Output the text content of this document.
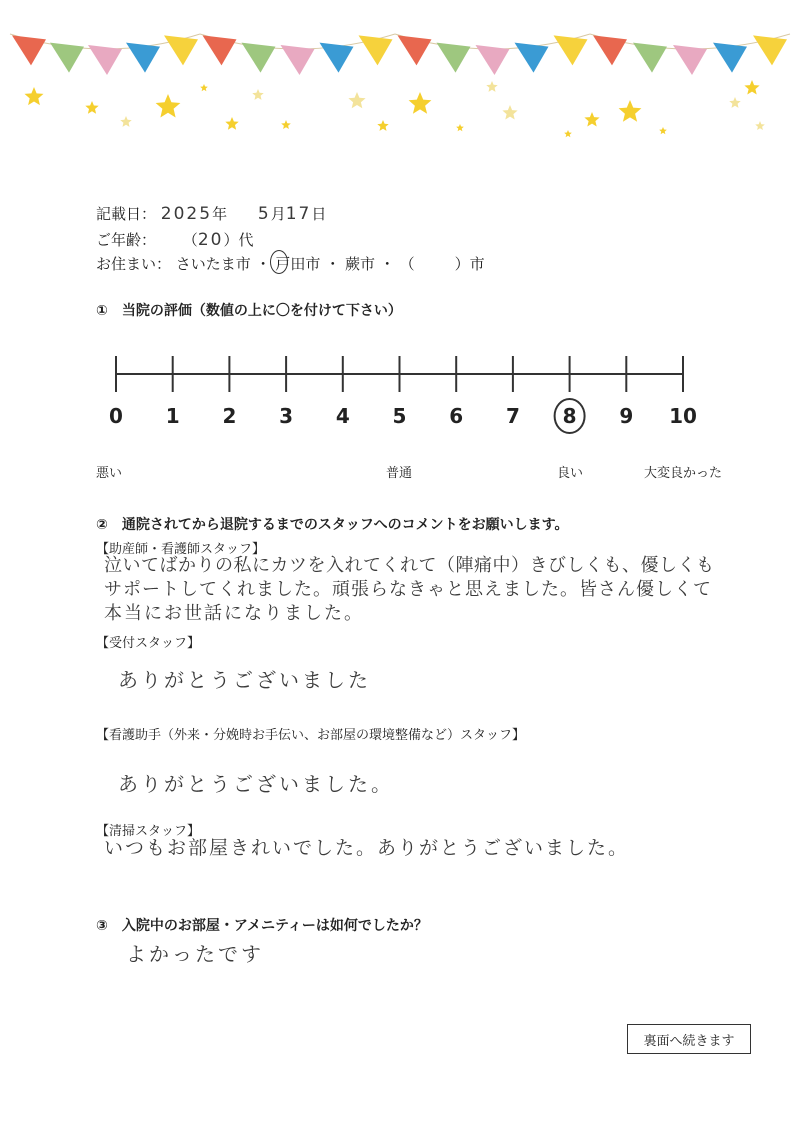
記載日： 2025年 5月17日
ご年齢： （20）代
お住まい： さいたま市 ・ 戸田市 ・ 蕨市 ・ （	）市
①　当院の評価（数値の上に〇を付けて下さい）
0 1 2 3 4 5 6 7 8 9 10
悪い	普通	良い	大変良かった
②　通院されてから退院するまでのスタッフへのコメントをお願いします。
【助産師・看護師スタッフ】
泣いてばかりの私にカツを入れてくれて（陣痛中）きびしくも、優しくも
サポートしてくれました。頑張らなきゃと思えました。皆さん優しくて
本当にお世話になりました。
【受付スタッフ】
ありがとうございました
【看護助手（外来・分娩時お手伝い、お部屋の環境整備など）スタッフ】
ありがとうございました。
【清掃スタッフ】
いつもお部屋きれいでした。ありがとうございました。
③　入院中のお部屋・アメニティーは如何でしたか？
よかったです
裏面へ続きます
